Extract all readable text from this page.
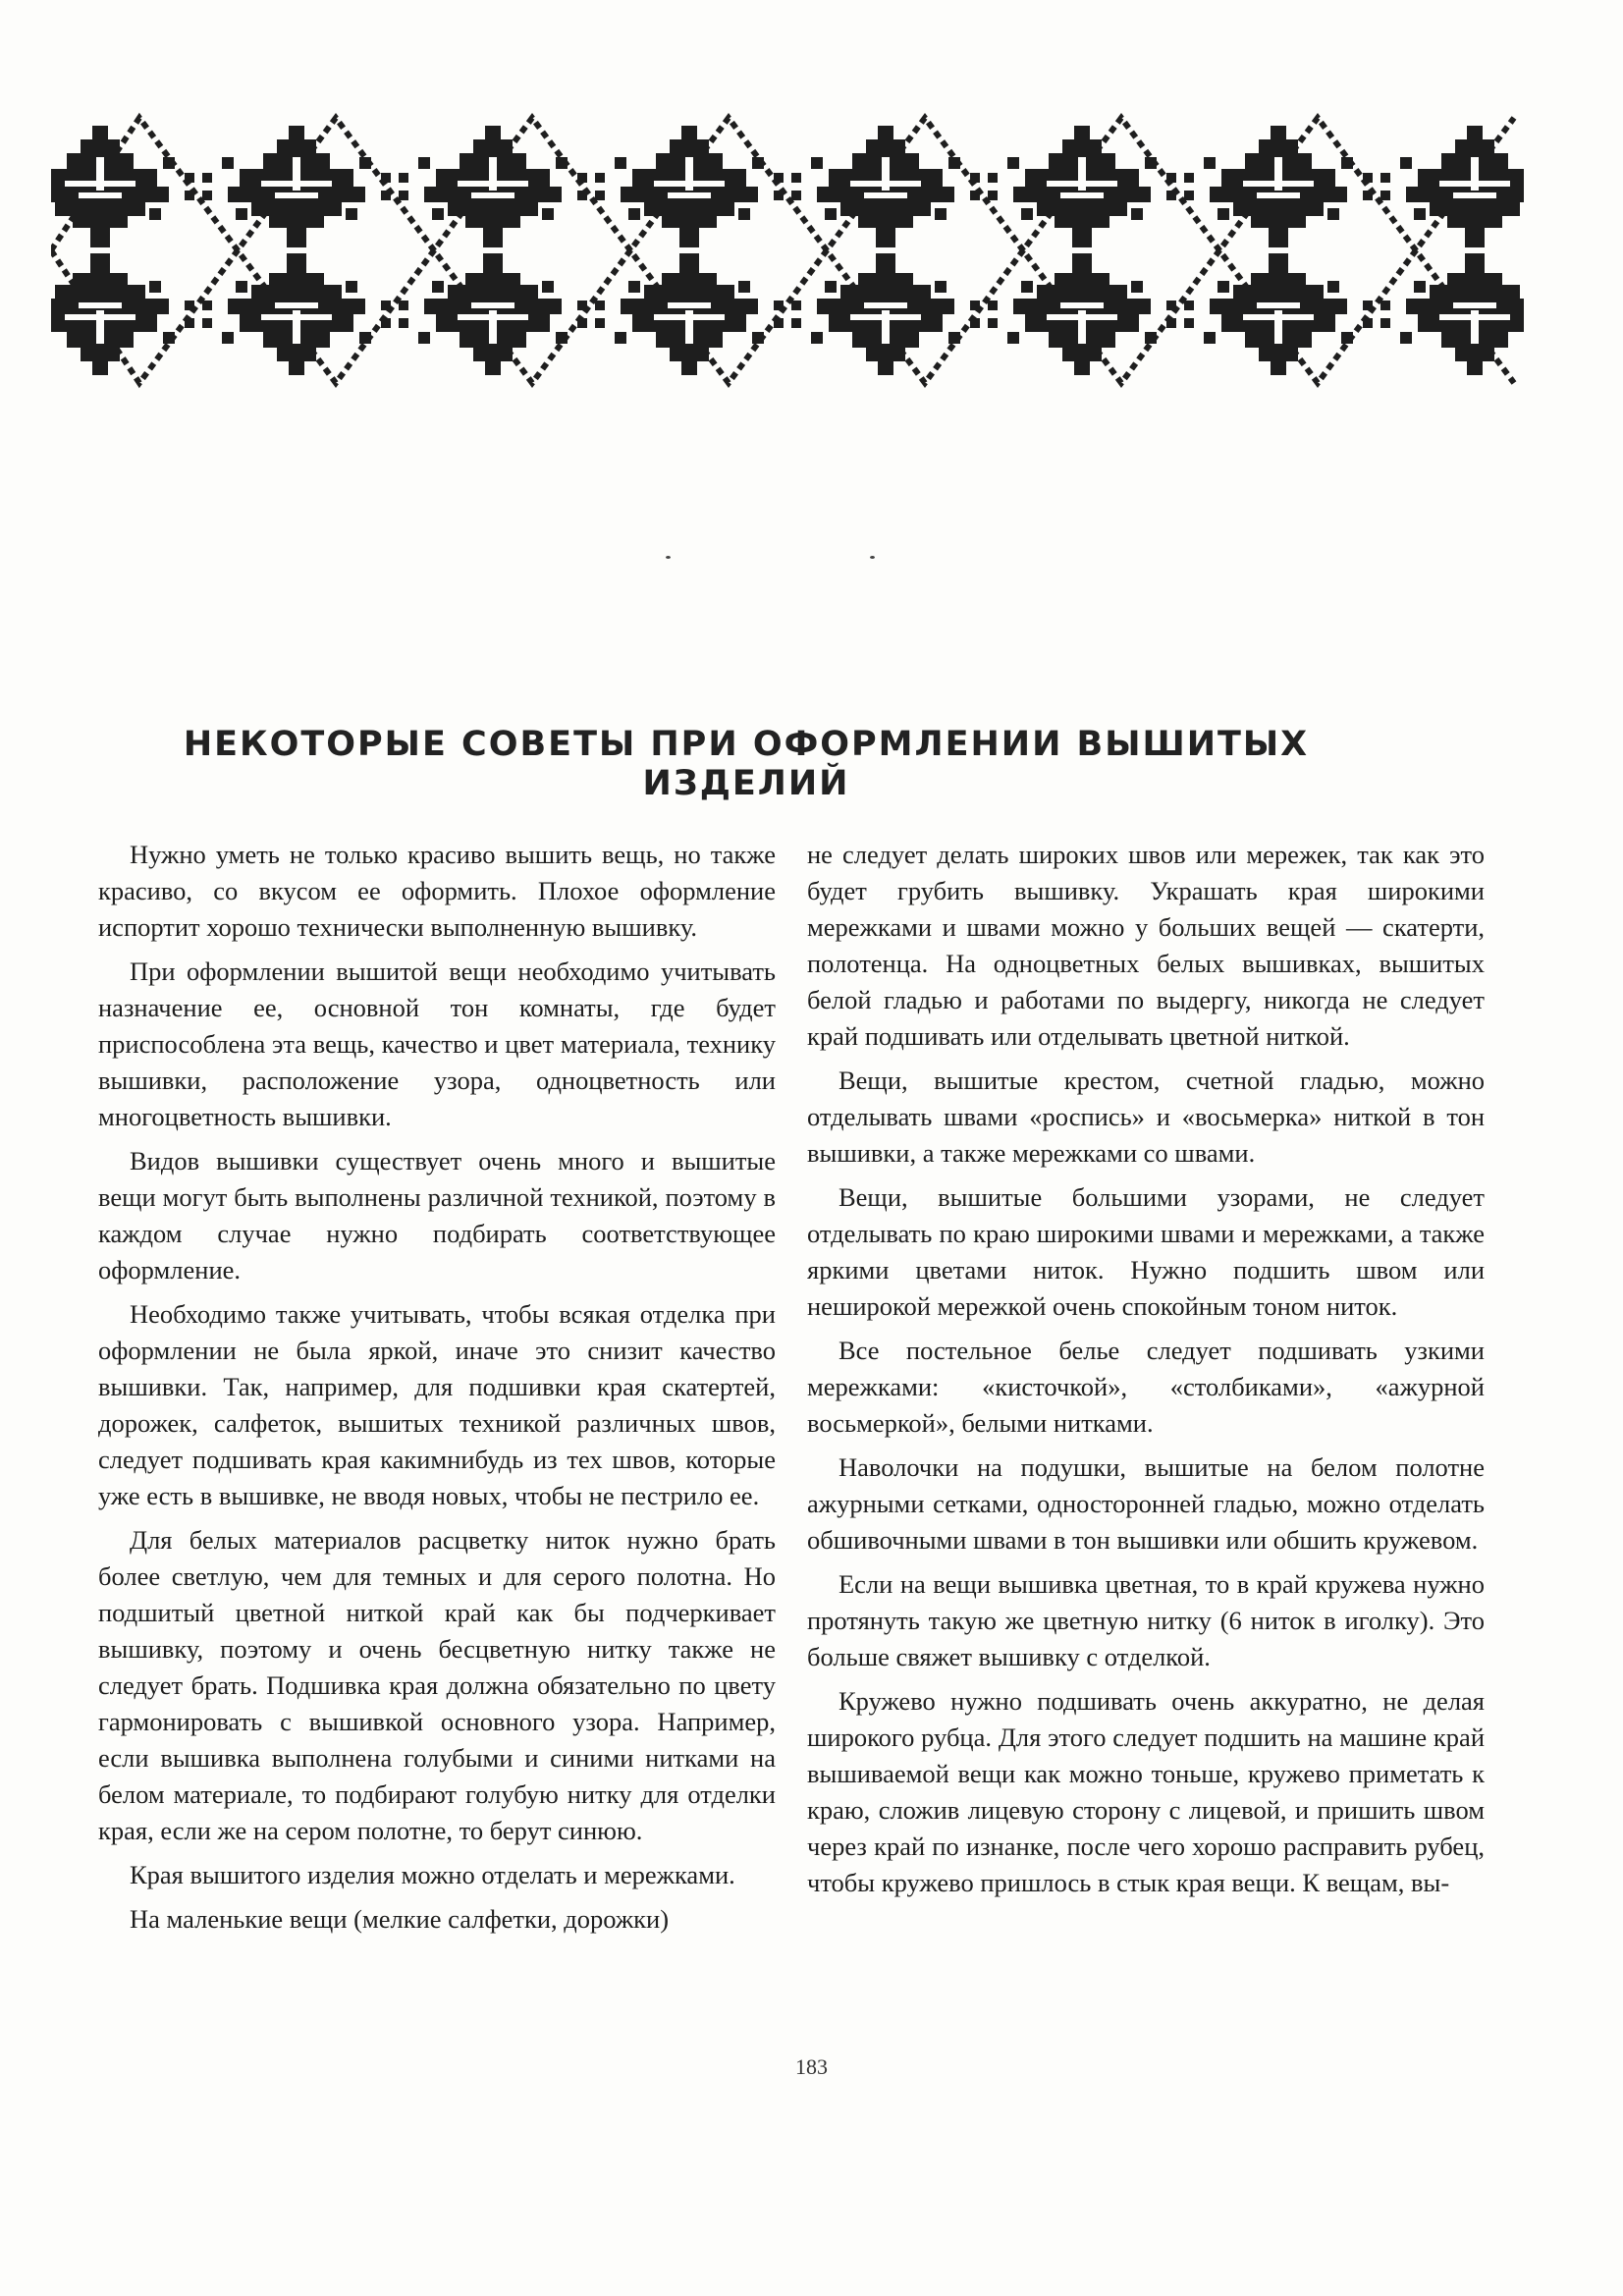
НЕКОТОРЫЕ СОВЕТЫ ПРИ ОФОРМЛЕНИИ ВЫШИТЫХ ИЗДЕЛИЙ

Нужно уметь не только красиво вышить вещь, но также красиво, со вкусом ее оформить. Плохое оформление испортит хорошо технически выполненную вышивку.

При оформлении вышитой вещи необходимо учитывать назначение ее, основной тон комнаты, где будет приспособлена эта вещь, качество и цвет материала, технику вышивки, расположение узора, одноцветность или многоцветность вышивки.

Видов вышивки существует очень много и вышитые вещи могут быть выполнены различной техникой, поэтому в каждом случае нужно подбирать соответствующее оформление.

Необходимо также учитывать, чтобы всякая отделка при оформлении не была яркой, иначе это снизит качество вышивки. Так, например, для подшивки края скатертей, дорожек, салфеток, вышитых техникой различных швов, следует подшивать края какимнибудь из тех швов, которые уже есть в вышивке, не вводя новых, чтобы не пестрило ее.

Для белых материалов расцветку ниток нужно брать более светлую, чем для темных и для серого полотна. Но подшитый цветной ниткой край как бы подчеркивает вышивку, поэтому и очень бесцветную нитку также не следует брать. Подшивка края должна обязательно по цвету гармонировать с вышивкой основного узора. Например, если вышивка выполнена голубыми и синими нитками на белом материале, то подбирают голубую нитку для отделки края, если же на сером полотне, то берут синюю.

Края вышитого изделия можно отделать и мережками.

На маленькие вещи (мелкие салфетки, дорожки)

не следует делать широких швов или мережек, так как это будет грубить вышивку. Украшать края широкими мережками и швами можно у больших вещей — скатерти, полотенца. На одноцветных белых вышивках, вышитых белой гладью и работами по выдергу, никогда не следует край подшивать или отделывать цветной ниткой.

Вещи, вышитые крестом, счетной гладью, можно отделывать швами «роспись» и «восьмерка» ниткой в тон вышивки, а также мережками со швами.

Вещи, вышитые большими узорами, не следует отделывать по краю широкими швами и мережками, а также яркими цветами ниток. Нужно подшить швом или неширокой мережкой очень спокойным тоном ниток.

Все постельное белье следует подшивать узкими мережками: «кисточкой», «столбиками», «ажурной восьмеркой», белыми нитками.

Наволочки на подушки, вышитые на белом полотне ажурными сетками, односторонней гладью, можно отделать обшивочными швами в тон вышивки или обшить кружевом.

Если на вещи вышивка цветная, то в край кружева нужно протянуть такую же цветную нитку (6 ниток в иголку). Это больше свяжет вышивку с отделкой.

Кружево нужно подшивать очень аккуратно, не делая широкого рубца. Для этого следует подшить на машине край вышиваемой вещи как можно тоньше, кружево приметать к краю, сложив лицевую сторону с лицевой, и пришить швом через край по изнанке, после чего хорошо расправить рубец, чтобы кружево пришлось в стык края вещи. К вещам, вы-

183
